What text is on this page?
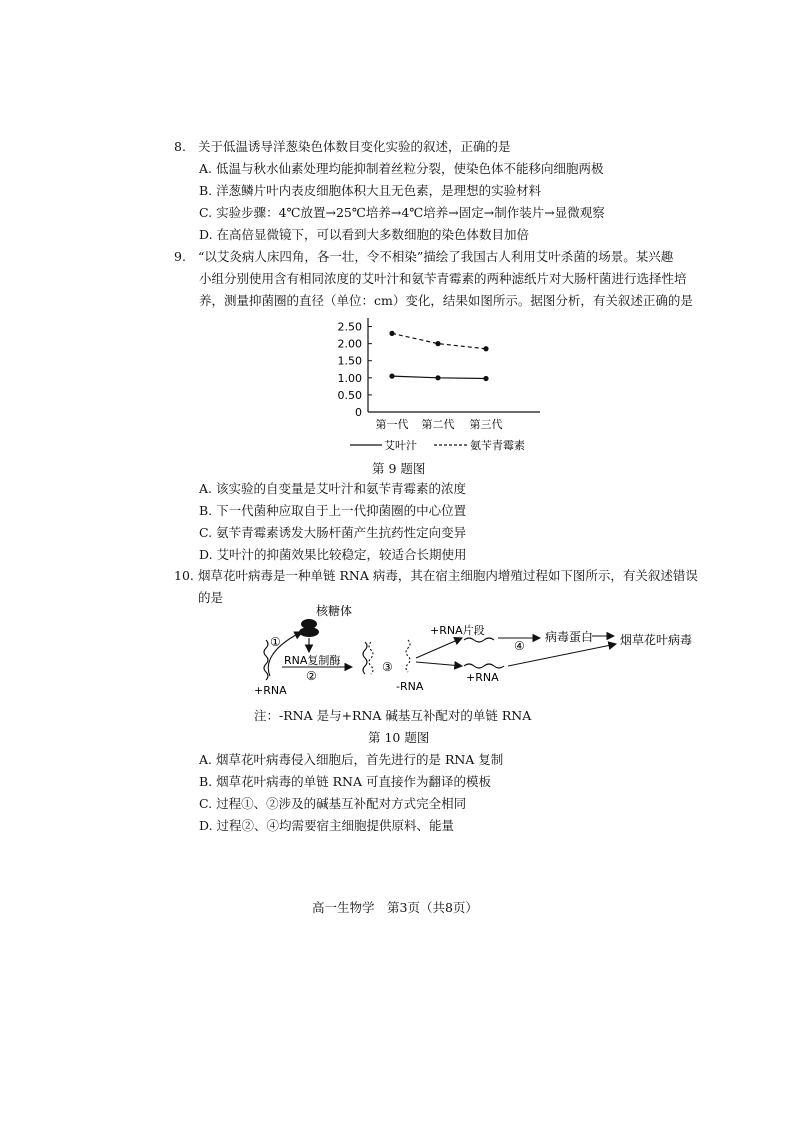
8. 关于低温诱导洋葱染色体数目变化实验的叙述，正确的是
A. 低温与秋水仙素处理均能抑制着丝粒分裂，使染色体不能移向细胞两极
B. 洋葱鳞片叶内表皮细胞体积大且无色素，是理想的实验材料
C. 实验步骤：4℃放置→25℃培养→4℃培养→固定→制作装片→显微观察
D. 在高倍显微镜下，可以看到大多数细胞的染色体数目加倍
9. “以艾灸病人床四角，各一壮，令不相染”描绘了我国古人利用艾叶杀菌的场景。某兴趣
小组分别使用含有相同浓度的艾叶汁和氨苄青霉素的两种滤纸片对大肠杆菌进行选择性培
养，测量抑菌圈的直径（单位：cm）变化，结果如图所示。据图分析，有关叙述正确的是
2.50
2.00
1.50
1.00
0.50
0
第一代 第二代 第三代
艾叶汁	氨苄青霉素
第 9 题图
A. 该实验的自变量是艾叶汁和氨苄青霉素的浓度
B. 下一代菌种应取自于上一代抑菌圈的中心位置
C. 氨苄青霉素诱发大肠杆菌产生抗药性定向变异
D. 艾叶汁的抑菌效果比较稳定，较适合长期使用
10. 烟草花叶病毒是一种单链 RNA 病毒，其在宿主细胞内增殖过程如下图所示，有关叙述错误
的是
核糖体
①
RNA复制酶
②
+RNA
③
-RNA
+RNA片段
④
病毒蛋白
+RNA
烟草花叶病毒
注：-RNA 是与+RNA 碱基互补配对的单链 RNA
第 10 题图
A. 烟草花叶病毒侵入细胞后，首先进行的是 RNA 复制
B. 烟草花叶病毒的单链 RNA 可直接作为翻译的模板
C. 过程①、②涉及的碱基互补配对方式完全相同
D. 过程②、④均需要宿主细胞提供原料、能量
高一生物学　第3页（共8页）
